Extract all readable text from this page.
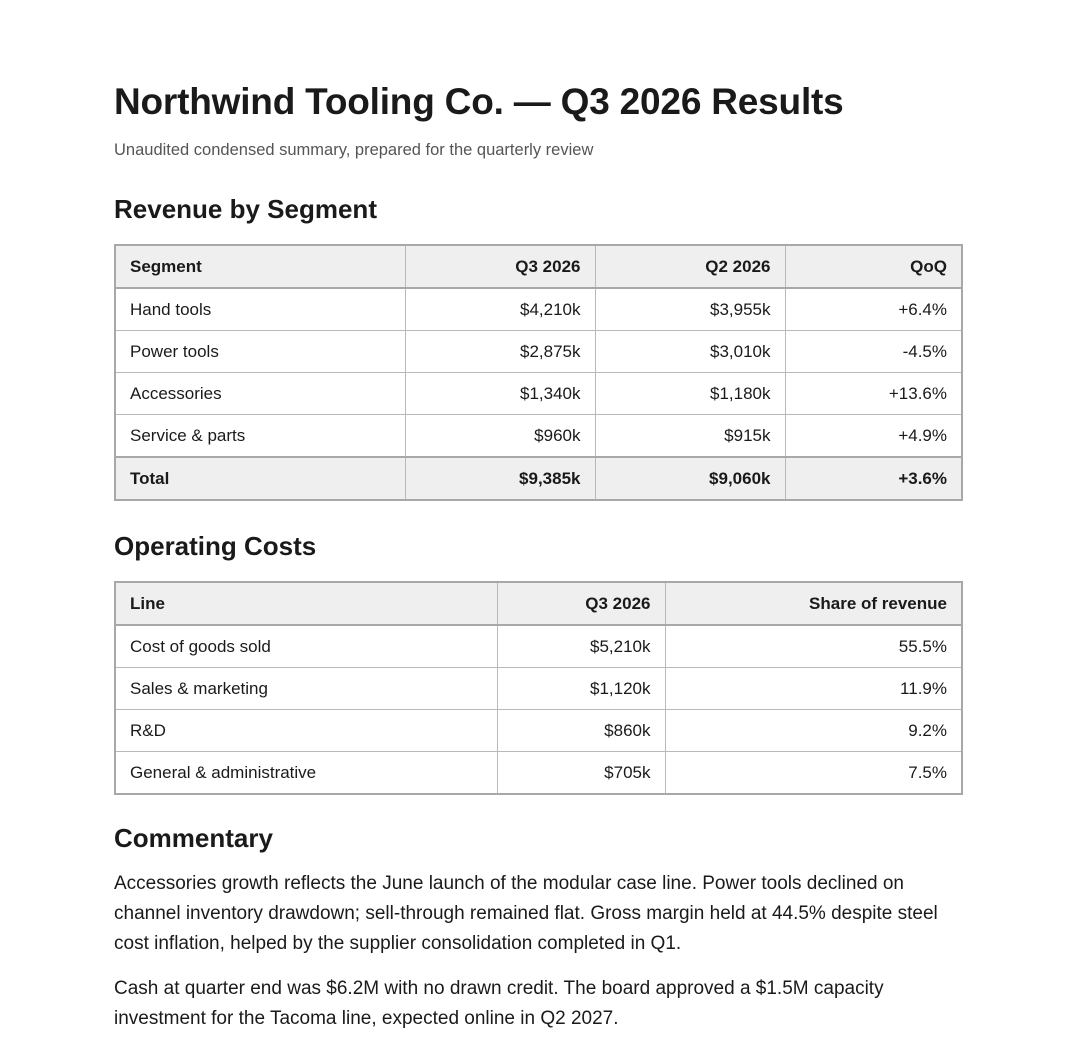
Northwind Tooling Co. — Q3 2026 Results
Unaudited condensed summary, prepared for the quarterly review
Revenue by Segment
Segment	Q3 2026	Q2 2026	QoQ
Hand tools	$4,210k	$3,955k	+6.4%
Power tools	$2,875k	$3,010k	-4.5%
Accessories	$1,340k	$1,180k	+13.6%
Service & parts	$960k	$915k	+4.9%
Total	$9,385k	$9,060k	+3.6%
Operating Costs
Line	Q3 2026	Share of revenue
Cost of goods sold	$5,210k	55.5%
Sales & marketing	$1,120k	11.9%
R&D	$860k	9.2%
General & administrative	$705k	7.5%
Commentary

Accessories growth reflects the June launch of the modular case line. Power tools declined on channel inventory drawdown; sell-through remained flat. Gross margin held at 44.5% despite steel cost inflation, helped by the supplier consolidation completed in Q1.

Cash at quarter end was $6.2M with no drawn credit. The board approved a $1.5M capacity investment for the Tacoma line, expected online in Q2 2027.
